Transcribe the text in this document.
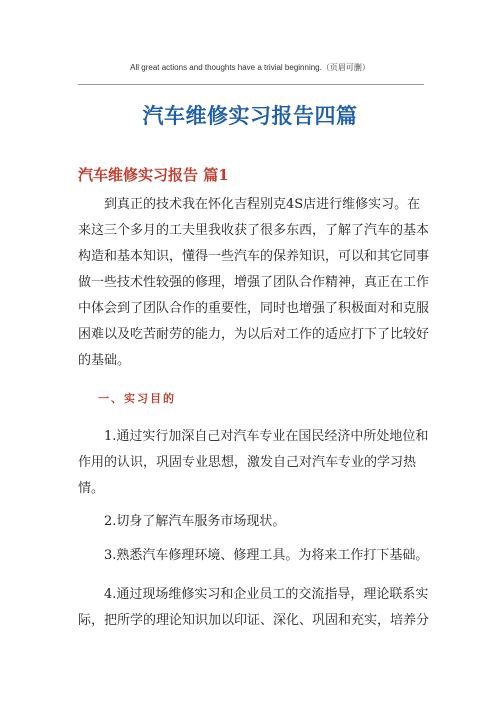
All great actions and thoughts have a trivial beginning.（页眉可删）
汽车维修实习报告四篇
汽车维修实习报告 篇1
到真正的技术我在怀化吉程别克4S店进行维修实习。在来这三个多月的工夫里我收获了很多东西，了解了汽车的基本构造和基本知识，懂得一些汽车的保养知识，可以和其它同事做一些技术性较强的修理，增强了团队合作精神，真正在工作中体会到了团队合作的重要性，同时也增强了积极面对和克服困难以及吃苦耐劳的能力，为以后对工作的适应打下了比较好的基础。
一、实习目的
1.通过实行加深自己对汽车专业在国民经济中所处地位和作用的认识，巩固专业思想，激发自己对汽车专业的学习热情。
2.切身了解汽车服务市场现状。
3.熟悉汽车修理环境、修理工具。为将来工作打下基础。
4.通过现场维修实习和企业员工的交流指导，理论联系实际，把所学的理论知识加以印证、深化、巩固和充实，培养分
